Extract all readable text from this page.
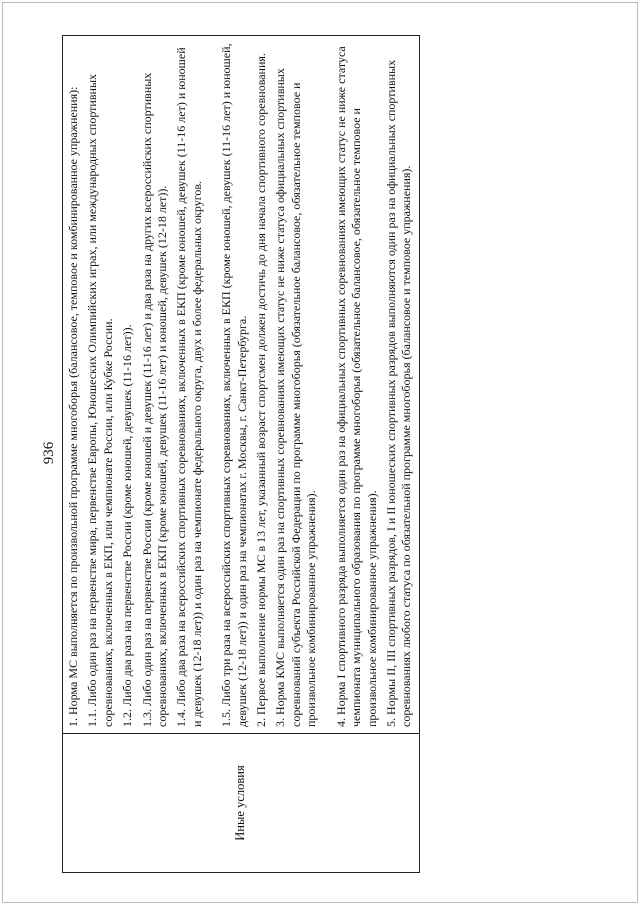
936
Иные условия	

1. Норма МС выполняется по произвольной программе многоборья (балансовое, темповое и комбинированное упражнения): 1.1. Либо один раз на первенстве мира, первенстве Европы, Юношеских Олимпийских играх, или международных спортивных соревнованиях, включенных в ЕКП, или чемпионате России, или Кубке России. 1.2. Либо два раза на первенстве России (кроме юношей, девушек (11-16 лет)). 1.3. Либо один раз на первенстве России (кроме юношей и девушек (11-16 лет) и два раза на других всероссийских спортивных соревнованиях, включенных в ЕКП (кроме юношей, девушек (11-16 лет) и юношей, девушек (12-18 лет)). 1.4. Либо два раза на всероссийских спортивных соревнованиях, включенных в ЕКП (кроме юношей, девушек (11-16 лет) и юношей и девушек (12-18 лет)) и один раз на чемпионате федерального округа, двух и более федеральных округов. 1.5. Либо три раза на всероссийских спортивных соревнованиях, включенных в ЕКП (кроме юношей, девушек (11-16 лет) и юношей, девушек (12-18 лет)) и один раз на чемпионатах г. Москвы, г. Санкт-Петербурга. 2. Первое выполнение нормы МС в 13 лет, указанный возраст спортсмен должен достичь до дня начала спортивного соревнования. 3. Норма КМС выполняется один раз на спортивных соревнованиях имеющих статус не ниже статуса официальных спортивных соревнований субъекта Российской Федерации по программе многоборья (обязательное балансовое, обязательное темповое и произвольное комбинированное упражнения). 4. Норма I спортивного разряда выполняется один раз на официальных спортивных соревнованиях имеющих статус не ниже статуса чемпионата муниципального образования по программе многоборья (обязательное балансовое, обязательное темповое и произвольное комбинированное упражнения). 5. Нормы II, III спортивных разрядов, I и II юношеских спортивных разрядов выполняются один раз на официальных спортивных соревнованиях любого статуса по обязательной программе многоборья (балансовое и темповое упражнения).
